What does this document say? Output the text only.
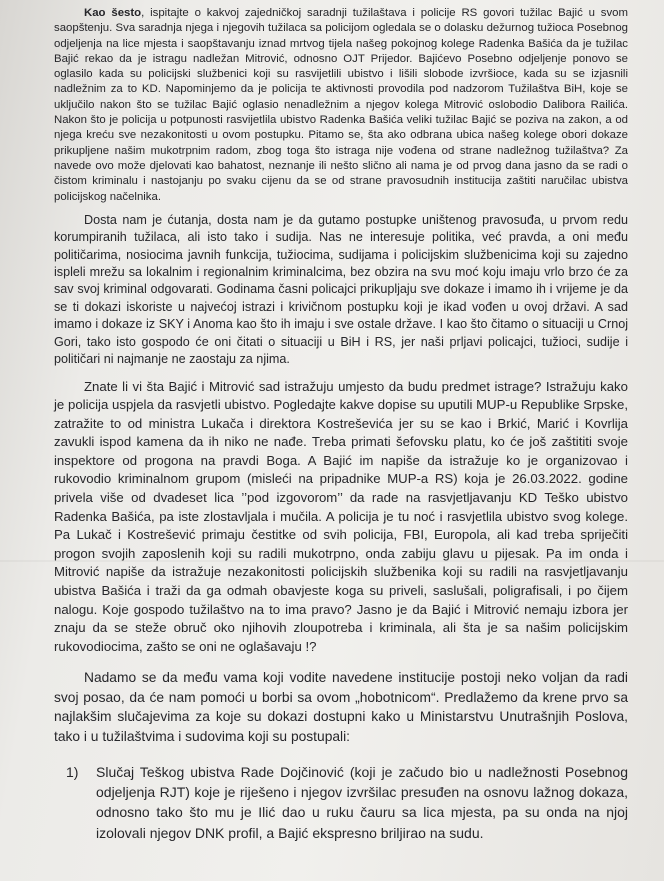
Kao šesto, ispitajte o kakvoj zajedničkoj saradnji tužilaštava i policije RS govori tužilac Bajić u svom saopštenju. Sva saradnja njega i njegovih tužilaca sa policijom ogledala se o dolasku dežurnog tužioca Posebnog odjeljenja na lice mjesta i saopštavanju iznad mrtvog tijela našeg pokojnog kolege Radenka Bašića da je tužilac Bajić rekao da je istragu nadležan Mitrović, odnosno OJT Prijedor. Bajićevo Posebno odjeljenje ponovo se oglasilo kada su policijski službenici koji su rasvijetlili ubistvo i lišili slobode izvršioce, kada su se izjasnili nadležnim za to KD. Napominjemo da je policija te aktivnosti provodila pod nadzorom Tužilaštva BiH, koje se uključilo nakon što se tužilac Bajić oglasio nenadležnim a njegov kolega Mitrović oslobodio Dalibora Railića. Nakon što je policija u potpunosti rasvijetlila ubistvo Radenka Bašića veliki tužilac Bajić se poziva na zakon, a od njega kreću sve nezakonitosti u ovom postupku. Pitamo se, šta ako odbrana ubica našeg kolege obori dokaze prikupljene našim mukotrpnim radom, zbog toga što istraga nije vođena od strane nadležnog tužilaštva? Za navede ovo može djelovati kao bahatost, neznanje ili nešto slično ali nama je od prvog dana jasno da se radi o čistom kriminalu i nastojanju po svaku cijenu da se od strane pravosudnih institucija zaštiti naručilac ubistva policijskog načelnika.

Dosta nam je ćutanja, dosta nam je da gutamo postupke uništenog pravosuđa, u prvom redu korumpiranih tužilaca, ali isto tako i sudija. Nas ne interesuje politika, već pravda, a oni među političarima, nosiocima javnih funkcija, tužiocima, sudijama i policijskim službenicima koji su zajedno ispleli mrežu sa lokalnim i regionalnim kriminalcima, bez obzira na svu moć koju imaju vrlo brzo će za sav svoj kriminal odgovarati. Godinama časni policajci prikupljaju sve dokaze i imamo ih i vrijeme je da se ti dokazi iskoriste u najvećoj istrazi i krivičnom postupku koji je ikad vođen u ovoj državi. A sad imamo i dokaze iz SKY i Anoma kao što ih imaju i sve ostale države. I kao što čitamo o situaciji u Crnoj Gori, tako isto gospodo će oni čitati o situaciji u BiH i RS, jer naši prljavi policajci, tužioci, sudije i političari ni najmanje ne zaostaju za njima.

Znate li vi šta Bajić i Mitrović sad istražuju umjesto da budu predmet istrage? Istražuju kako je policija uspjela da rasvjetli ubistvo. Pogledajte kakve dopise su uputili MUP-u Republike Srpske, zatražite to od ministra Lukača i direktora Kostreševića jer su se kao i Brkić, Marić i Kovrlija zavukli ispod kamena da ih niko ne nađe. Treba primati šefovsku platu, ko će još zaštititi svoje inspektore od progona na pravdi Boga. A Bajić im napiše da istražuje ko je organizovao i rukovodio kriminalnom grupom (misleći na pripadnike MUP-a RS) koja je 26.03.2022. godine privela više od dvadeset lica ’’pod izgovorom’’ da rade na rasvjetljavanju KD Teško ubistvo Radenka Bašića, pa iste zlostavljala i mučila. A policija je tu noć i rasvjetlila ubistvo svog kolege. Pa Lukač i Kostrešević primaju čestitke od svih policija, FBI, Europola, ali kad treba spriječiti progon svojih zaposlenih koji su radili mukotrpno, onda zabiju glavu u pijesak. Pa im onda i Mitrović napiše da istražuje nezakonitosti policijskih službenika koji su radili na rasvjetljavanju ubistva Bašića i traži da ga odmah obavjeste koga su priveli, saslušali, poligrafisali, i po čijem nalogu. Koje gospodo tužilaštvo na to ima pravo? Jasno je da Bajić i Mitrović nemaju izbora jer znaju da se steže obruč oko njihovih zloupotreba i kriminala, ali šta je sa našim policijskim rukovodiocima, zašto se oni ne oglašavaju !?

Nadamo se da među vama koji vodite navedene institucije postoji neko voljan da radi svoj posao, da će nam pomoći u borbi sa ovom „hobotnicom“. Predlažemo da krene prvo sa najlakšim slučajevima za koje su dokazi dostupni kako u Ministarstvu Unutrašnjih Poslova, tako i u tužilaštvima i sudovima koji su postupali:

1)	Slučaj Teškog ubistva Rade Dojčinović (koji je začudo bio u nadležnosti Posebnog odjeljenja RJT) koje je riješeno i njegov izvršilac presuđen na osnovu lažnog dokaza, odnosno tako što mu je Ilić dao u ruku čauru sa lica mjesta, pa su onda na njoj izolovali njegov DNK profil, a Bajić ekspresno briljirao na sudu.
